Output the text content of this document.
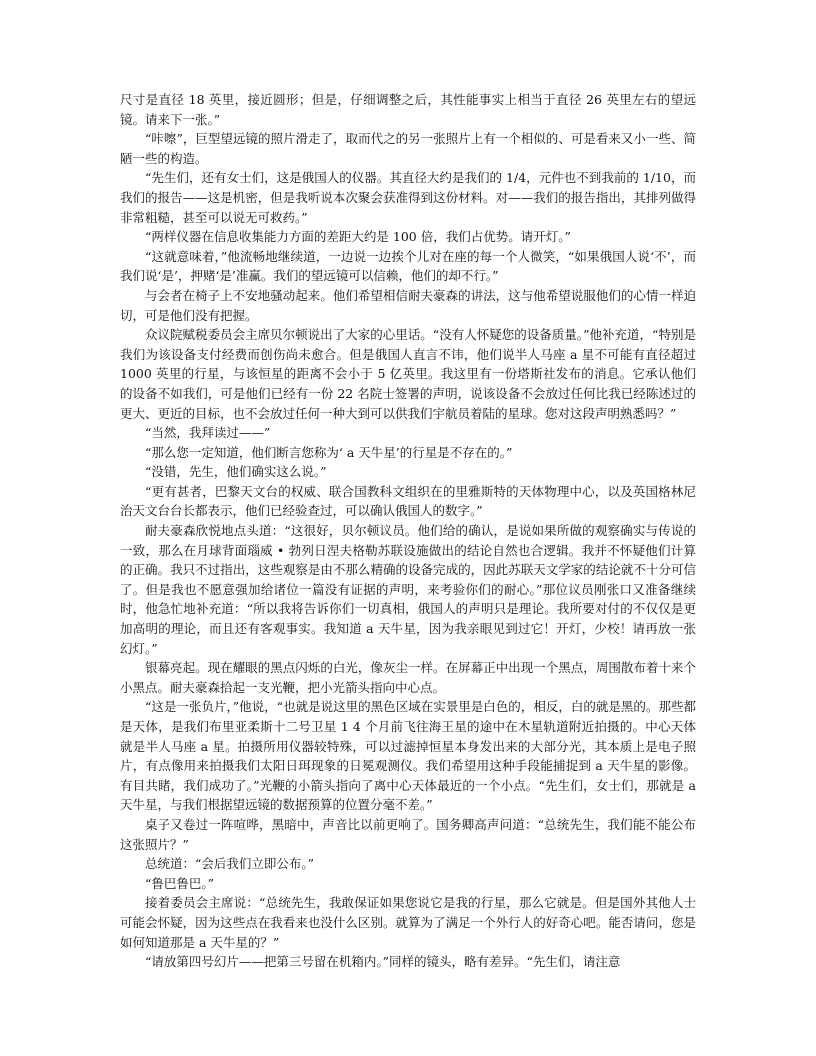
尺寸是直径 18 英里，接近圆形；但是，仔细调整之后，其性能事实上相当于直径 26 英里左右的望远镜。请来下一张。”

“咔嚓”，巨型望远镜的照片滑走了，取而代之的另一张照片上有一个相似的、可是看来又小一些、简陋一些的构造。

“先生们，还有女士们，这是俄国人的仪器。其直径大约是我们的 1/4，元件也不到我前的 1/10，而我们的报告——这是机密，但是我听说本次聚会获准得到这份材料。对——我们的报告指出，其排列做得非常粗糙，甚至可以说无可救药。”

“两样仪器在信息收集能力方面的差距大约是 100 倍，我们占优势。请开灯。”

“这就意味着，”他流畅地继续道，一边说一边挨个儿对在座的每一个人微笑，“如果俄国人说‘不’，而我们说‘是’，押赌‘是’准赢。我们的望远镜可以信赖，他们的却不行。”

与会者在椅子上不安地骚动起来。他们希望相信耐夫豪森的讲法，这与他希望说服他们的心情一样迫切，可是他们没有把握。

众议院赋税委员会主席贝尔顿说出了大家的心里话。“没有人怀疑您的设备质量。”他补充道，“特别是我们为该设备支付经费而创伤尚未愈合。但是俄国人直言不讳，他们说半人马座 a 星不可能有直径超过 1000 英里的行星，与该恒星的距离不会小于 5 亿英里。我这里有一份塔斯社发布的消息。它承认他们的设备不如我们，可是他们已经有一份 22 名院士签署的声明，说该设备不会放过任何比我已经陈述过的更大、更近的目标，也不会放过任何一种大到可以供我们宇航员着陆的星球。您对这段声明熟悉吗？”

“当然，我拜读过——”

“那么您一定知道，他们断言您称为‘ a 天牛星’的行星是不存在的。”

“没错，先生，他们确实这么说。”

“更有甚者，巴黎天文台的权威、联合国教科文组织在的里雅斯特的天体物理中心，以及英国格林尼治天文台台长都表示，他们已经验查过，可以确认俄国人的数字。”

耐夫豪森欣悦地点头道：“这很好，贝尔顿议员。他们给的确认，是说如果所做的观察确实与传说的一致，那么在月球背面瑙威 • 勃列日涅夫格勒苏联设施做出的结论自然也合逻辑。我并不怀疑他们计算的正确。我只不过指出，这些观察是由不那么精确的设备完成的，因此苏联天文学家的结论就不十分可信了。但是我也不愿意强加给诸位一篇没有证据的声明，来考验你们的耐心。”那位议员刚张口又准备继续时，他急忙地补充道：“所以我将告诉你们一切真相，俄国人的声明只是理论。我所要对付的不仅仅是更加高明的理论，而且还有客观事实。我知道 a 天牛星，因为我亲眼见到过它！开灯，少校！请再放一张幻灯。”

银幕亮起。现在耀眼的黑点闪烁的白光，像灰尘一样。在屏幕正中出现一个黑点，周围散布着十来个小黑点。耐夫豪森拾起一支光鞭，把小光箭头指向中心点。

“这是一张负片，”他说，“也就是说这里的黑色区域在实景里是白色的，相反，白的就是黑的。那些都是天体，是我们布里亚柔斯十二号卫星 1 4 个月前飞往海王星的途中在木星轨道附近拍摄的。中心天体就是半人马座 a 星。拍摄所用仪器较特殊，可以过滤掉恒星本身发出来的大部分光，其本质上是电子照片，有点像用来拍摄我们太阳日珥现象的日冕观测仪。我们希望用这种手段能捕捉到 a 天牛星的影像。有目共睹，我们成功了。”光鞭的小箭头指向了离中心天体最近的一个小点。“先生们，女士们，那就是 a 天牛星，与我们根据望远镜的数据预算的位置分毫不差。”

桌子又卷过一阵喧哗，黑暗中，声音比以前更响了。国务卿高声问道：“总统先生，我们能不能公布这张照片？”

总统道：“会后我们立即公布。”

“鲁巴鲁巴。”

接着委员会主席说：“总统先生，我敢保证如果您说它是我的行星，那么它就是。但是国外其他人士可能会怀疑，因为这些点在我看来也没什么区别。就算为了满足一个外行人的好奇心吧。能否请问，您是如何知道那是 a 天牛星的？”

“请放第四号幻片——把第三号留在机箱内。”同样的镜头，略有差异。“先生们，请注意
